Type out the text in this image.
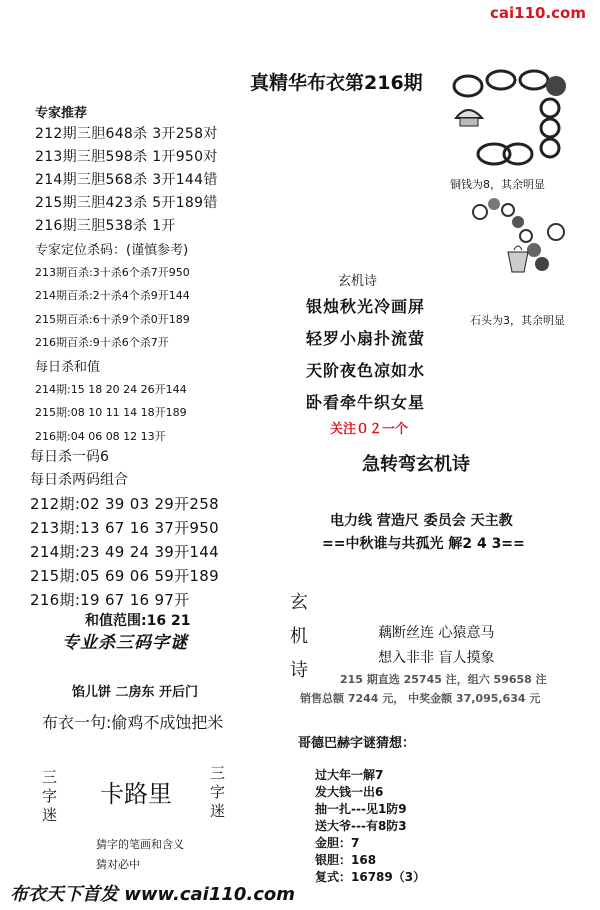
cai110.com
真精华布衣第216期
专家推荐
212期三胆648杀 3开258对
213期三胆598杀 1开950对
214期三胆568杀 3开144错
215期三胆423杀 5开189错
216期三胆538杀 1开
专家定位杀码：(谨慎参考)
213期百杀:3十杀6个杀7开950
214期百杀:2十杀4个杀9开144
215期百杀:6十杀9个杀0开189
216期百杀:9十杀6个杀7开
每日杀和值
214期:15 18 20 24 26开144
215期:08 10 11 14 18开189
216期:04 06 08 12 13开
每日杀一码6
每日杀两码组合
212期:02 39 03 29开258
213期:13 67 16 37开950
214期:23 49 24 39开144
215期:05 69 06 59开189
216期:19 67 16 97开
和值范围:16 21
专业杀三码字谜
馅儿饼 二房东 开后门
布衣一句:偷鸡不成蚀把米
三
字
迷
卡路里
三
字
迷
猜字的笔画和含义
猜对必中
布衣天下首发 www.cai110.com
铜钱为8，其余明显
石头为3，其余明显
玄机诗
银烛秋光冷画屏
轻罗小扇扑流萤
天阶夜色凉如水
卧看牵牛织女星
关注０２一个
急转弯玄机诗
电力线 营造尺 委员会 天主教
==中秋谁与共孤光 解2 4 3==
玄
机
诗
藕断丝连 心猿意马
想入非非 盲人摸象
215 期直选 25745 注，组六 59658 注
销售总额 7244 元， 中奖金额 37,095,634 元
哥德巴赫字谜猜想：
过大年一解7
发大钱一出6
抽一扎---见1防9
送大爷---有8防3
金胆：7
银胆：168
复式：16789（3）
